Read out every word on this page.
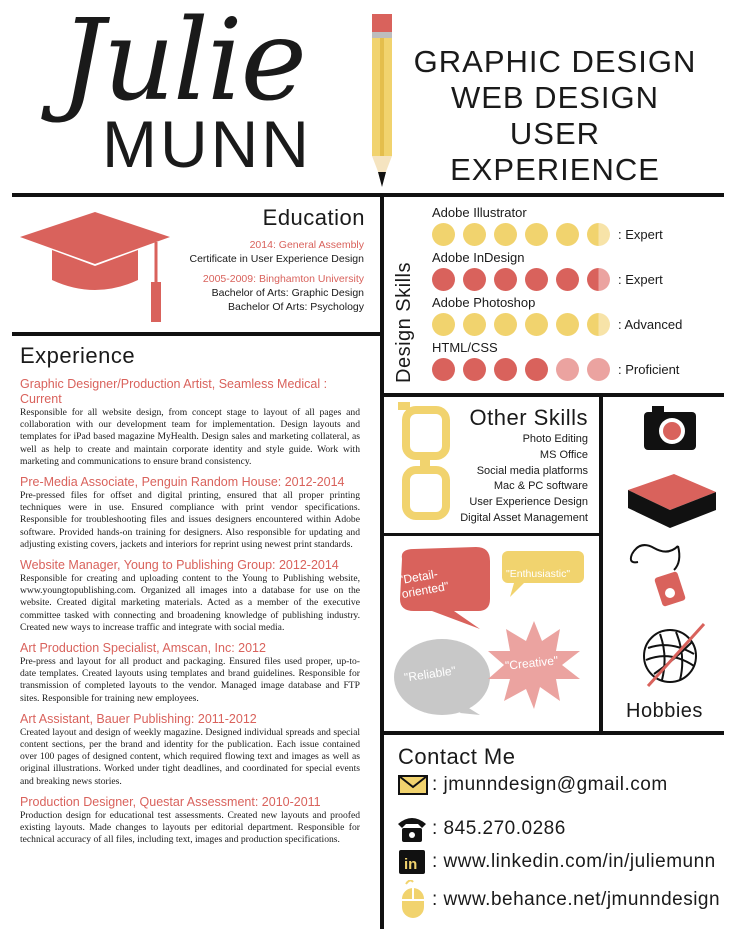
Julie
MUNN
GRAPHIC DESIGN
WEB DESIGN
USER EXPERIENCE
Education
2014: General Assembly
Certificate in User Experience Design
2005-2009: Binghamton University
Bachelor of Arts: Graphic Design
Bachelor Of Arts: Psychology
Experience
Graphic Designer/Production Artist, Seamless Medical : Current
Responsible for all website design, from concept stage to layout of all pages and collaboration with our development team for implementation. Design layouts and templates for iPad based magazine MyHealth. Design sales and marketing collateral, as well as help to create and maintain corporate identity and style guide. Work with marketing and communications to ensure brand consistency.
Pre-Media Associate, Penguin Random House: 2012-2014
Pre-pressed files for offset and digital printing, ensured that all proper printing techniques were in use. Ensured compliance with print vendor specifications. Responsible for troubleshooting files and issues designers encountered within Adobe software. Provided hands-on training for designers. Also responsible for updating and adjusting existing covers, jackets and interiors for reprint using newest print standards.
Website Manager, Young to Publishing Group: 2012-2014
Responsible for creating and uploading content to the Young to Publishing website, www.youngtopublishing.com. Organized all images into a database for use on the website. Created digital marketing materials. Acted as a member of the executive committee tasked with connecting and broadening knowledge of publishing industry. Created new ways to increase traffic and integrate with social media.
Art Production Specialist, Amscan, Inc: 2012
Pre-press and layout for all product and packaging. Ensured files used proper, up-to-date templates. Created layouts using templates and brand guidelines. Responsible for transmission of completed layouts to the vendor. Managed image database and FTP sites. Responsible for training new employees.
Art Assistant, Bauer Publishing: 2011-2012
Created layout and design of weekly magazine. Designed individual spreads and special content sections, per the brand and identity for the publication. Each issue contained over 100 pages of designed content, which required flowing text and images as well as original illustrations. Worked under tight deadlines, and coordinated for special events and breaking news stories.
Production Designer, Questar Assessment: 2010-2011
Production design for educational test assessments. Created new layouts and proofed existing layouts. Made changes to layouts per editorial department. Responsible for technical accuracy of all files, including text, images and production specifications.
Design Skills
Adobe Illustrator
: Expert
Adobe InDesign
: Expert
Adobe Photoshop
: Advanced
HTML/CSS
: Proficient
Other Skills
Photo Editing
MS Office
Social media platforms
Mac & PC software
User Experience Design
Digital Asset Management
"Detail-oriented"
"Enthusiastic"
"Reliable"
"Creative"
Hobbies
Contact Me
: jmunndesign@gmail.com
: 845.270.0286
in : www.linkedin.com/in/juliemunn
: www.behance.net/jmunndesign
